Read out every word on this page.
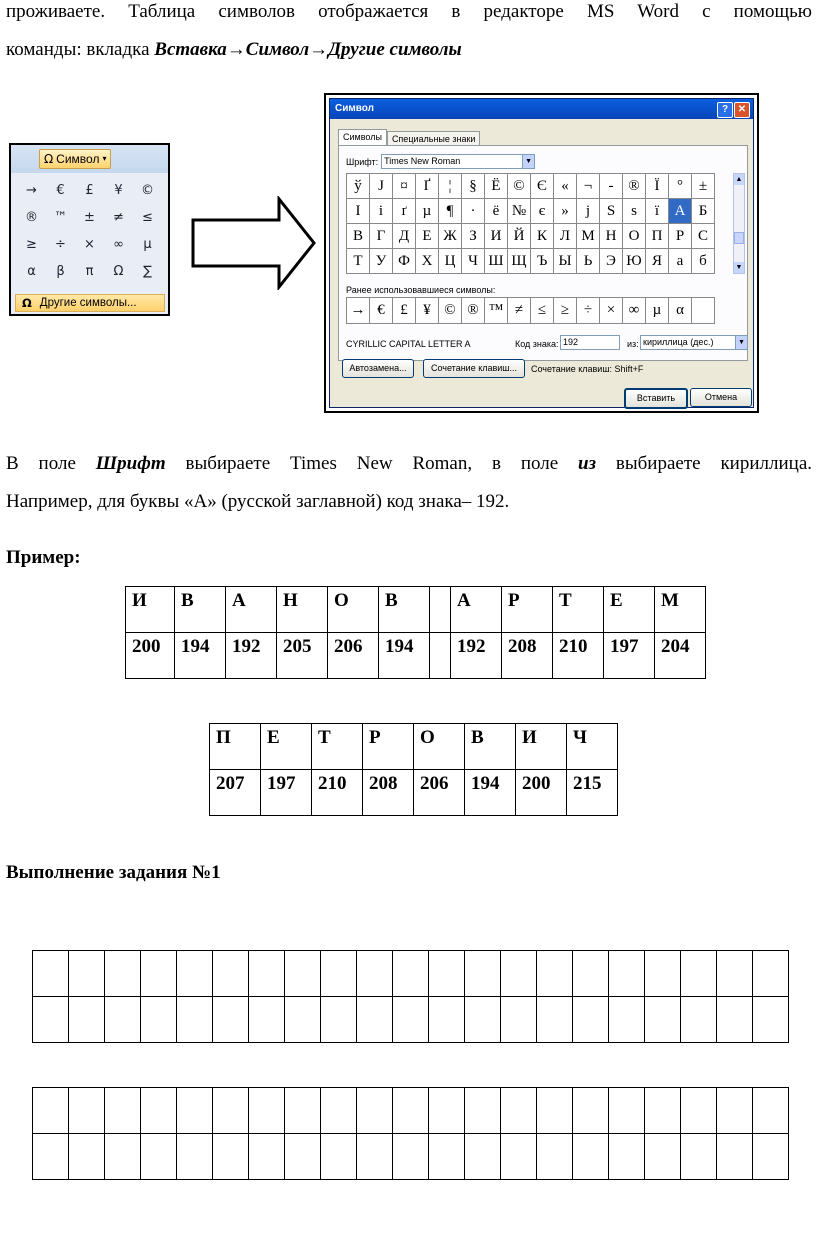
проживаете. Таблица символов отображается в редакторе MS Word с помощью
команды: вкладка Вставка→Символ→Другие символы
Ω Символ ▾
→	€	£	¥	©
®	™	±	≠	≤
≥	÷	×	∞	µ
α	β	π	Ω	∑
Ω Другие символы...
Символ	? ✕
Символы	Специальные знаки
Шрифт: Times New Roman	▼
ў	Ј	¤	Ґ	¦	§ Ё © Є «	¬	- ® Ї	°	±
І	і	ґ	µ	¶	·	ё № є	»	ј	Ѕ	ѕ	ї	А Б
В Г Д Е Ж З И Й К Л М Н О П Р С
Т У Ф Х Ц Ч Ш Щ Ъ Ы Ь Э Ю Я а	б
▲
▼
Ранее использовавшиеся символы:
→ €	£	¥ © ® ™ ≠ ≤ ≥ ÷ × ∞ µ α
CYRILLIC CAPITAL LETTER A	Код знака: 192	из: кириллица (дес.)	▼
Автозамена...	Сочетание клавиш...	Сочетание клавиш: Shift+F
Вставить	Отмена
В поле Шрифт выбираете Times New Roman, в поле из выбираете кириллица.
Например, для буквы «А» (русской заглавной) код знака– 192.
Пример:
И	В	А	Н	О	В		А	Р	Т	Е	М
200	194	192	205	206	194		192	208	210	197	204
П	Е	Т	Р	О	В	И	Ч
207	197	210	208	206	194	200	215
Выполнение задания №1
